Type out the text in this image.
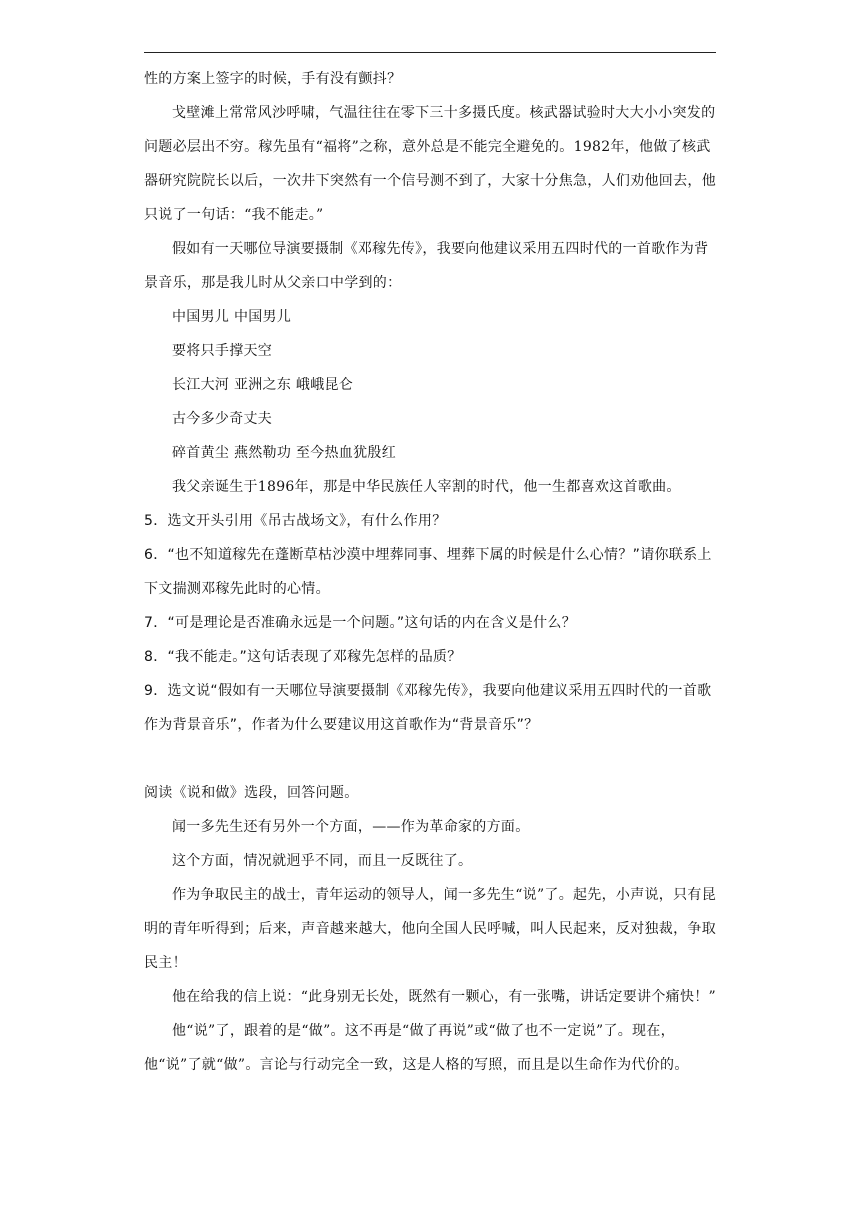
性的方案上签字的时候，手有没有颤抖？

戈壁滩上常常风沙呼啸，气温往往在零下三十多摄氏度。核武器试验时大大小小突发的问题必层出不穷。稼先虽有“福将”之称，意外总是不能完全避免的。1982年，他做了核武器研究院院长以后，一次井下突然有一个信号测不到了，大家十分焦急，人们劝他回去，他只说了一句话：“我不能走。”

假如有一天哪位导演要摄制《邓稼先传》，我要向他建议采用五四时代的一首歌作为背景音乐，那是我儿时从父亲口中学到的：

中国男儿 中国男儿

要将只手撑天空

长江大河 亚洲之东 峨峨昆仑

古今多少奇丈夫

碎首黄尘 燕然勒功 至今热血犹殷红

我父亲诞生于1896年，那是中华民族任人宰割的时代，他一生都喜欢这首歌曲。

5．选文开头引用《吊古战场文》，有什么作用？

6．“也不知道稼先在蓬断草枯沙漠中埋葬同事、埋葬下属的时候是什么心情？”请你联系上下文揣测邓稼先此时的心情。

7．“可是理论是否准确永远是一个问题。”这句话的内在含义是什么？

8．“我不能走。”这句话表现了邓稼先怎样的品质？

9．选文说“假如有一天哪位导演要摄制《邓稼先传》，我要向他建议采用五四时代的一首歌作为背景音乐”，作者为什么要建议用这首歌作为“背景音乐”？

阅读《说和做》选段，回答问题。

闻一多先生还有另外一个方面，——作为革命家的方面。

这个方面，情况就迥乎不同，而且一反既往了。

作为争取民主的战士，青年运动的领导人，闻一多先生“说”了。起先，小声说，只有昆明的青年听得到；后来，声音越来越大，他向全国人民呼喊，叫人民起来，反对独裁，争取民主！

他在给我的信上说：“此身别无长处，既然有一颗心，有一张嘴，讲话定要讲个痛快！”

他“说”了，跟着的是“做”。这不再是“做了再说”或“做了也不一定说”了。现在，他“说”了就“做”。言论与行动完全一致，这是人格的写照，而且是以生命作为代价的。
